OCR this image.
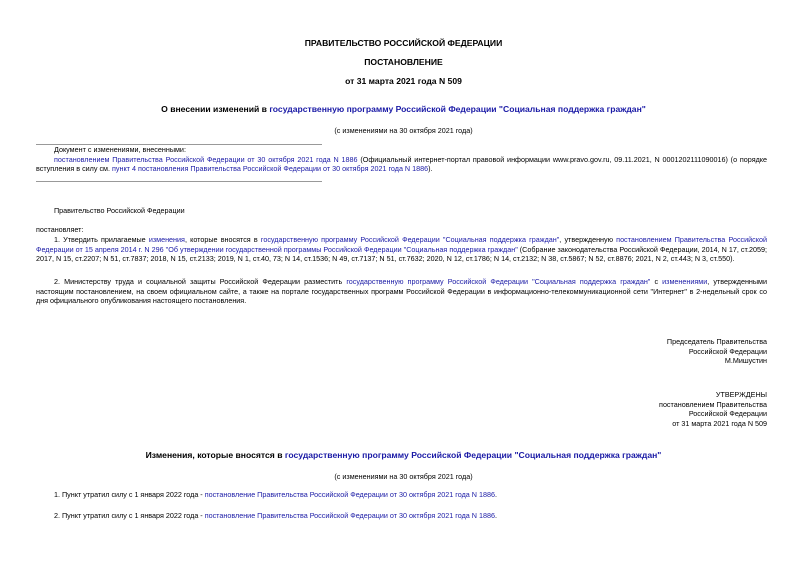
ПРАВИТЕЛЬСТВО РОССИЙСКОЙ ФЕДЕРАЦИИ
ПОСТАНОВЛЕНИЕ
от 31 марта 2021 года N 509
О внесении изменений в государственную программу Российской Федерации "Социальная поддержка граждан"
(с изменениями на 30 октября 2021 года)
Документ с изменениями, внесенными:
постановлением Правительства Российской Федерации от 30 октября 2021 года N 1886 (Официальный интернет-портал правовой информации www.pravo.gov.ru, 09.11.2021, N 0001202111090016) (о порядке вступления в силу см. пункт 4 постановления Правительства Российской Федерации от 30 октября 2021 года N 1886).
Правительство Российской Федерации
постановляет:
1. Утвердить прилагаемые изменения, которые вносятся в государственную программу Российской Федерации "Социальная поддержка граждан", утвержденную постановлением Правительства Российской Федерации от 15 апреля 2014 г. N 296 "Об утверждении государственной программы Российской Федерации "Социальная поддержка граждан" (Собрание законодательства Российской Федерации, 2014, N 17, ст.2059; 2017, N 15, ст.2207; N 51, ст.7837; 2018, N 15, ст.2133; 2019, N 1, ст.40, 73; N 14, ст.1536; N 49, ст.7137; N 51, ст.7632; 2020, N 12, ст.1786; N 14, ст.2132; N 38, ст.5867; N 52, ст.8876; 2021, N 2, ст.443; N 3, ст.550).
2. Министерству труда и социальной защиты Российской Федерации разместить государственную программу Российской Федерации "Социальная поддержка граждан" с изменениями, утвержденными настоящим постановлением, на своем официальном сайте, а также на портале государственных программ Российской Федерации в информационно-телекоммуникационной сети "Интернет" в 2-недельный срок со дня официального опубликования настоящего постановления.
Председатель Правительства
Российской Федерации
М.Мишустин
УТВЕРЖДЕНЫ
постановлением Правительства
Российской Федерации
от 31 марта 2021 года N 509
Изменения, которые вносятся в государственную программу Российской Федерации "Социальная поддержка граждан"
(с изменениями на 30 октября 2021 года)
1. Пункт утратил силу с 1 января 2022 года - постановление Правительства Российской Федерации от 30 октября 2021 года N 1886.
2. Пункт утратил силу с 1 января 2022 года - постановление Правительства Российской Федерации от 30 октября 2021 года N 1886.
